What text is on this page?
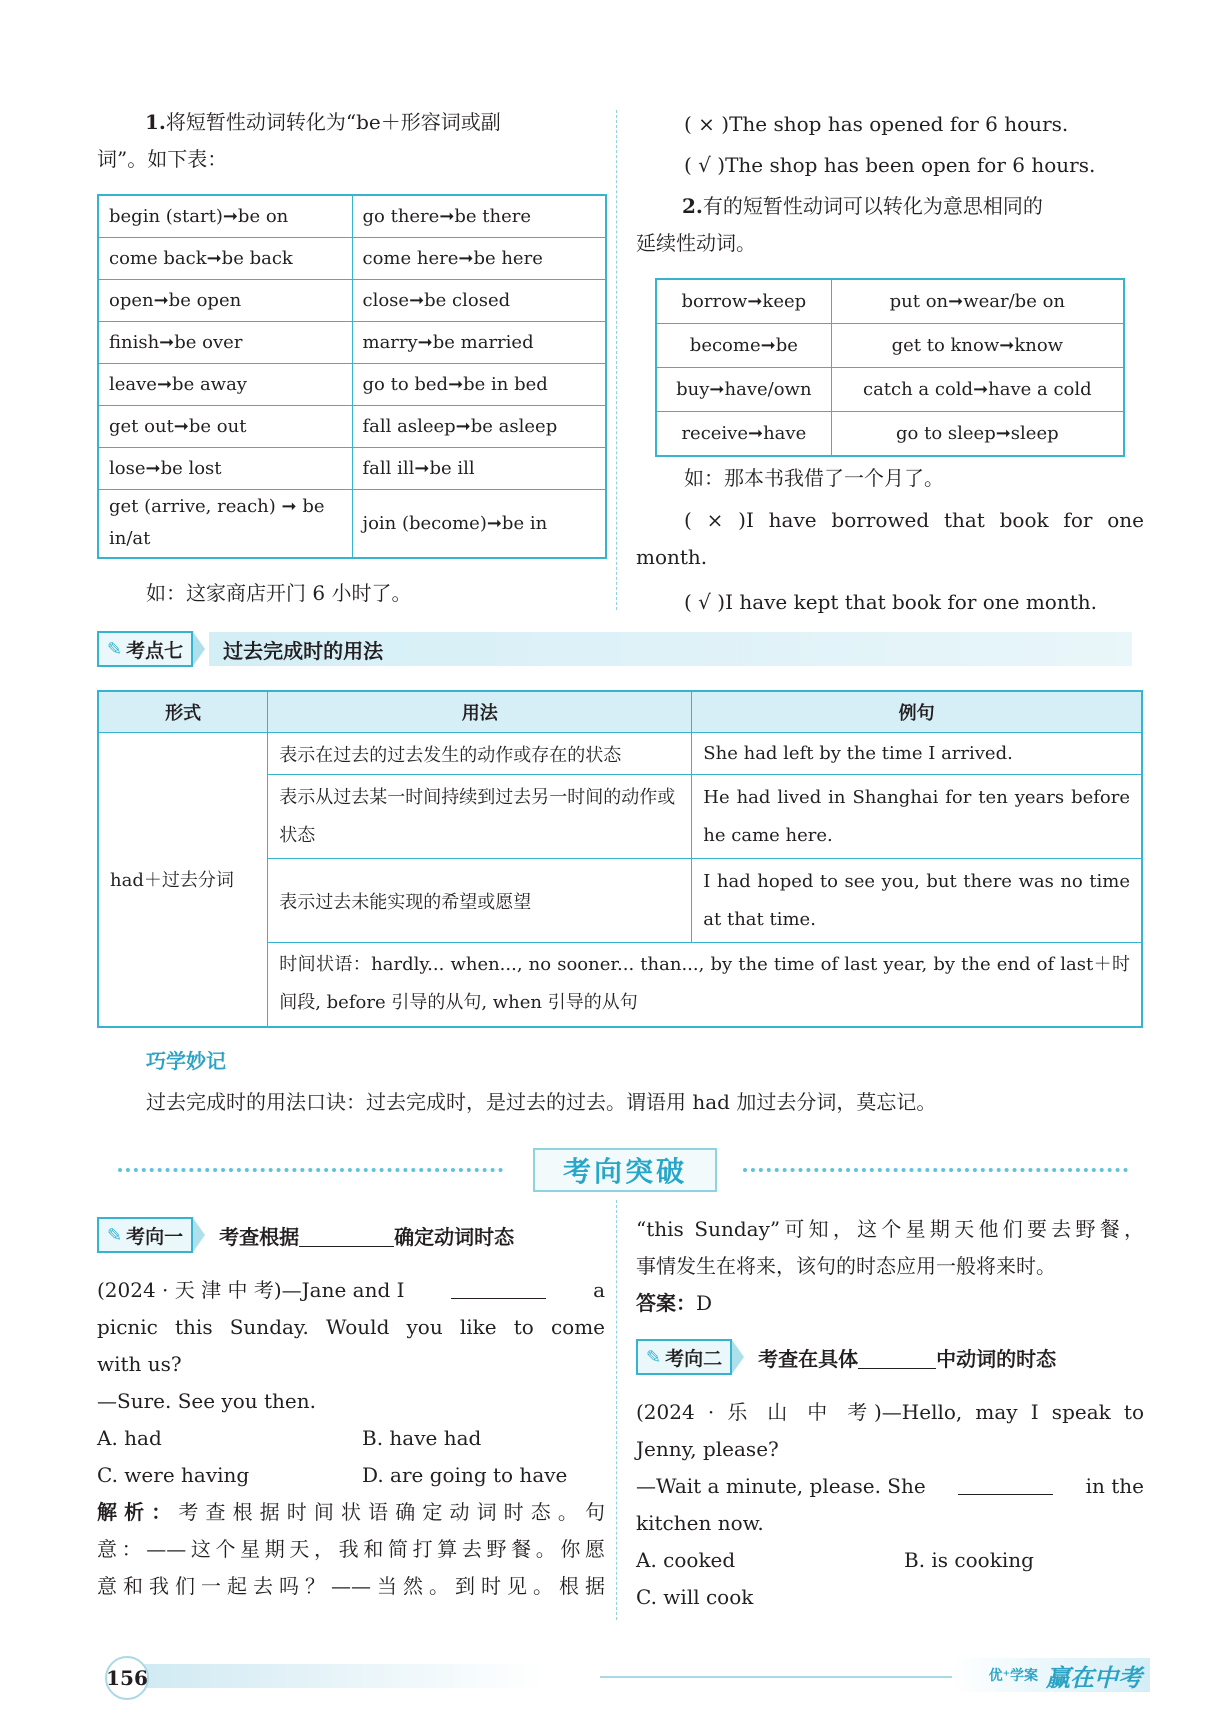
1.将短暂性动词转化为“be＋形容词或副
词”。如下表：
begin (start)➞be on	go there➞be there
come back➞be back	come here➞be here
open➞be open	close➞be closed
finish➞be over	marry➞be married
leave➞be away	go to bed➞be in bed
get out➞be out	fall asleep➞be asleep
lose➞be lost	fall ill➞be ill
get (arrive, reach) ➞ be in/at	join (become)➞be in
如：这家商店开门 6 小时了。
( × )The shop has opened for 6 hours.
( √ )The shop has been open for 6 hours.
2.有的短暂性动词可以转化为意思相同的
延续性动词。
borrow➞keep	put on➞wear/be on
become➞be	get to know➞know
buy➞have/own	catch a cold➞have a cold
receive➞have	go to sleep➞sleep
如：那本书我借了一个月了。
( × )I have borrowed that book for one
month.
( √ )I have kept that book for one month.
✎ 考点七 过去完成时的用法
形式	用法	例句
had＋过去分词	表示在过去的过去发生的动作或存在的状态	She had left by the time I arrived.
	表示从过去某一时间持续到过去另一时间的动作或状态	He had lived in Shanghai for ten years before he came here.
	表示过去未能实现的希望或愿望	I had hoped to see you, but there was no time at that time.
	时间状语：hardly... when..., no sooner... than..., by the time of last year, by the end of last＋时间段, before 引导的从句, when 引导的从句	
巧学妙记
过去完成时的用法口诀：过去完成时，是过去的过去。谓语用 had 加过去分词，莫忘记。
考向突破
✎ 考向一 考查根据	确定动词时态
(2024 · 天 津 中 考)—Jane and I	a
picnic this Sunday. Would you like to come
with us?
—Sure. See you then.
A. had	B. have had
C. were having	D. are going to have
解析：考查根据时间状语确定动词时态。句
意：——这个星期天，我和简打算去野餐。你愿
意和我们一起去吗？——当然。到时见。根据
“this Sunday”可知，这个星期天他们要去野餐，
事情发生在将来，该句的时态应用一般将来时。
答案：D
✎ 考向二 考查在具体	中动词的时态
(2024 · 乐 山 中 考)—Hello, may I speak to
Jenny, please?
—Wait a minute, please. She	in the
kitchen now.
A. cooked	B. is cooking
C. will cook
156	优⁺学案 赢在中考
